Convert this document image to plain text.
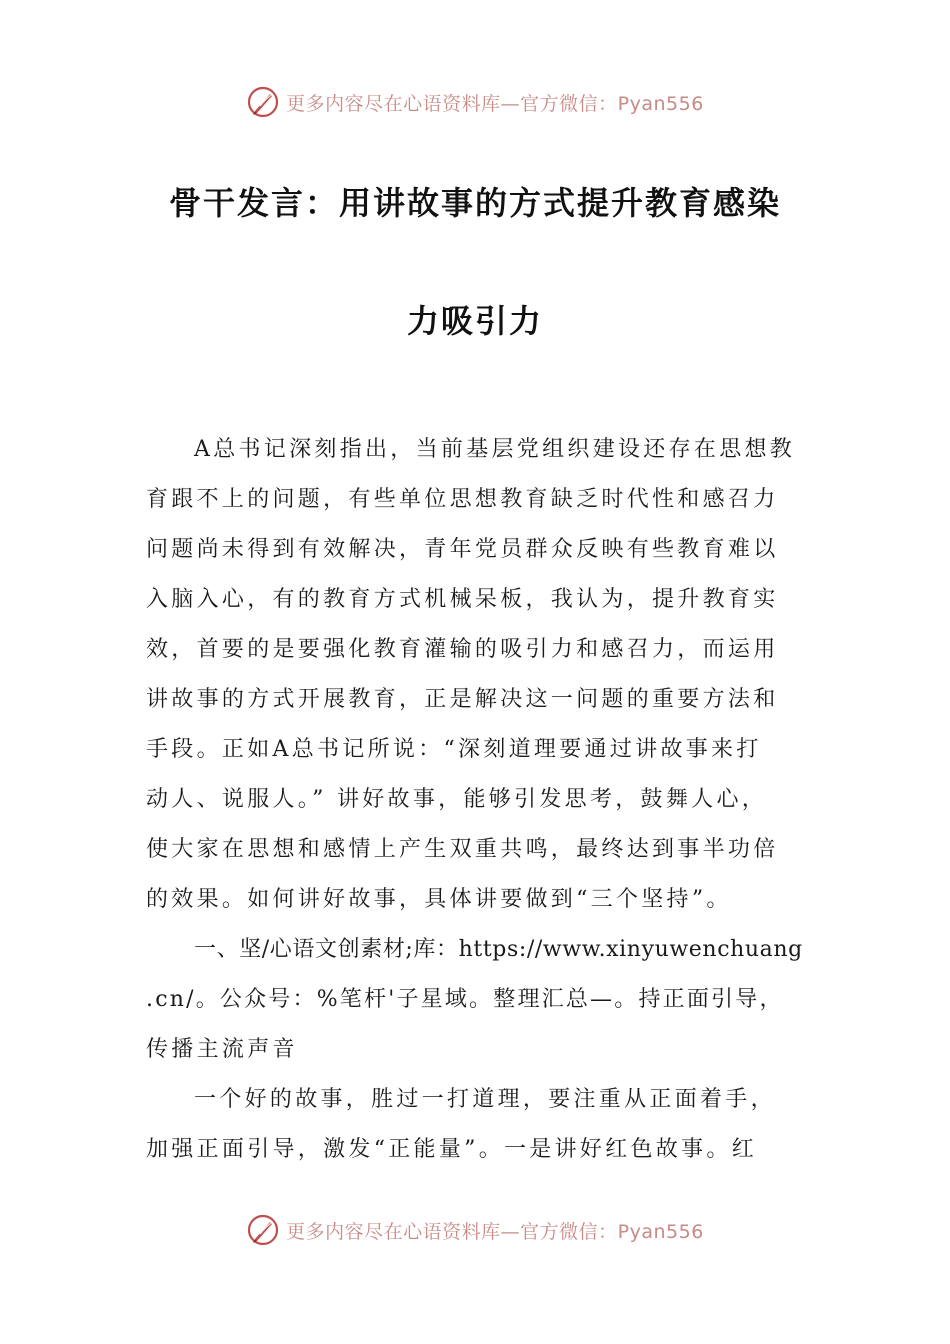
更多内容尽在心语资料库—官方微信：Pyan556
骨干发言：用讲故事的方式提升教育感染
力吸引力
A总书记深刻指出，当前基层党组织建设还存在思想教
育跟不上的问题，有些单位思想教育缺乏时代性和感召力
问题尚未得到有效解决，青年党员群众反映有些教育难以
入脑入心，有的教育方式机械呆板，我认为，提升教育实
效，首要的是要强化教育灌输的吸引力和感召力，而运用
讲故事的方式开展教育，正是解决这一问题的重要方法和
手段。正如A总书记所说：“深刻道理要通过讲故事来打
动人、说服人。” 讲好故事，能够引发思考，鼓舞人心，
使大家在思想和感情上产生双重共鸣，最终达到事半功倍
的效果。如何讲好故事，具体讲要做到“三个坚持”。
一、坚/心语文创素材;库：https://www.xinyuwenchuang
.cn/。公众号：%笔杆'子星域。整理汇总—。持正面引导，
传播主流声音
一个好的故事，胜过一打道理，要注重从正面着手，
加强正面引导，激发“正能量”。一是讲好红色故事。红
更多内容尽在心语资料库—官方微信：Pyan556
